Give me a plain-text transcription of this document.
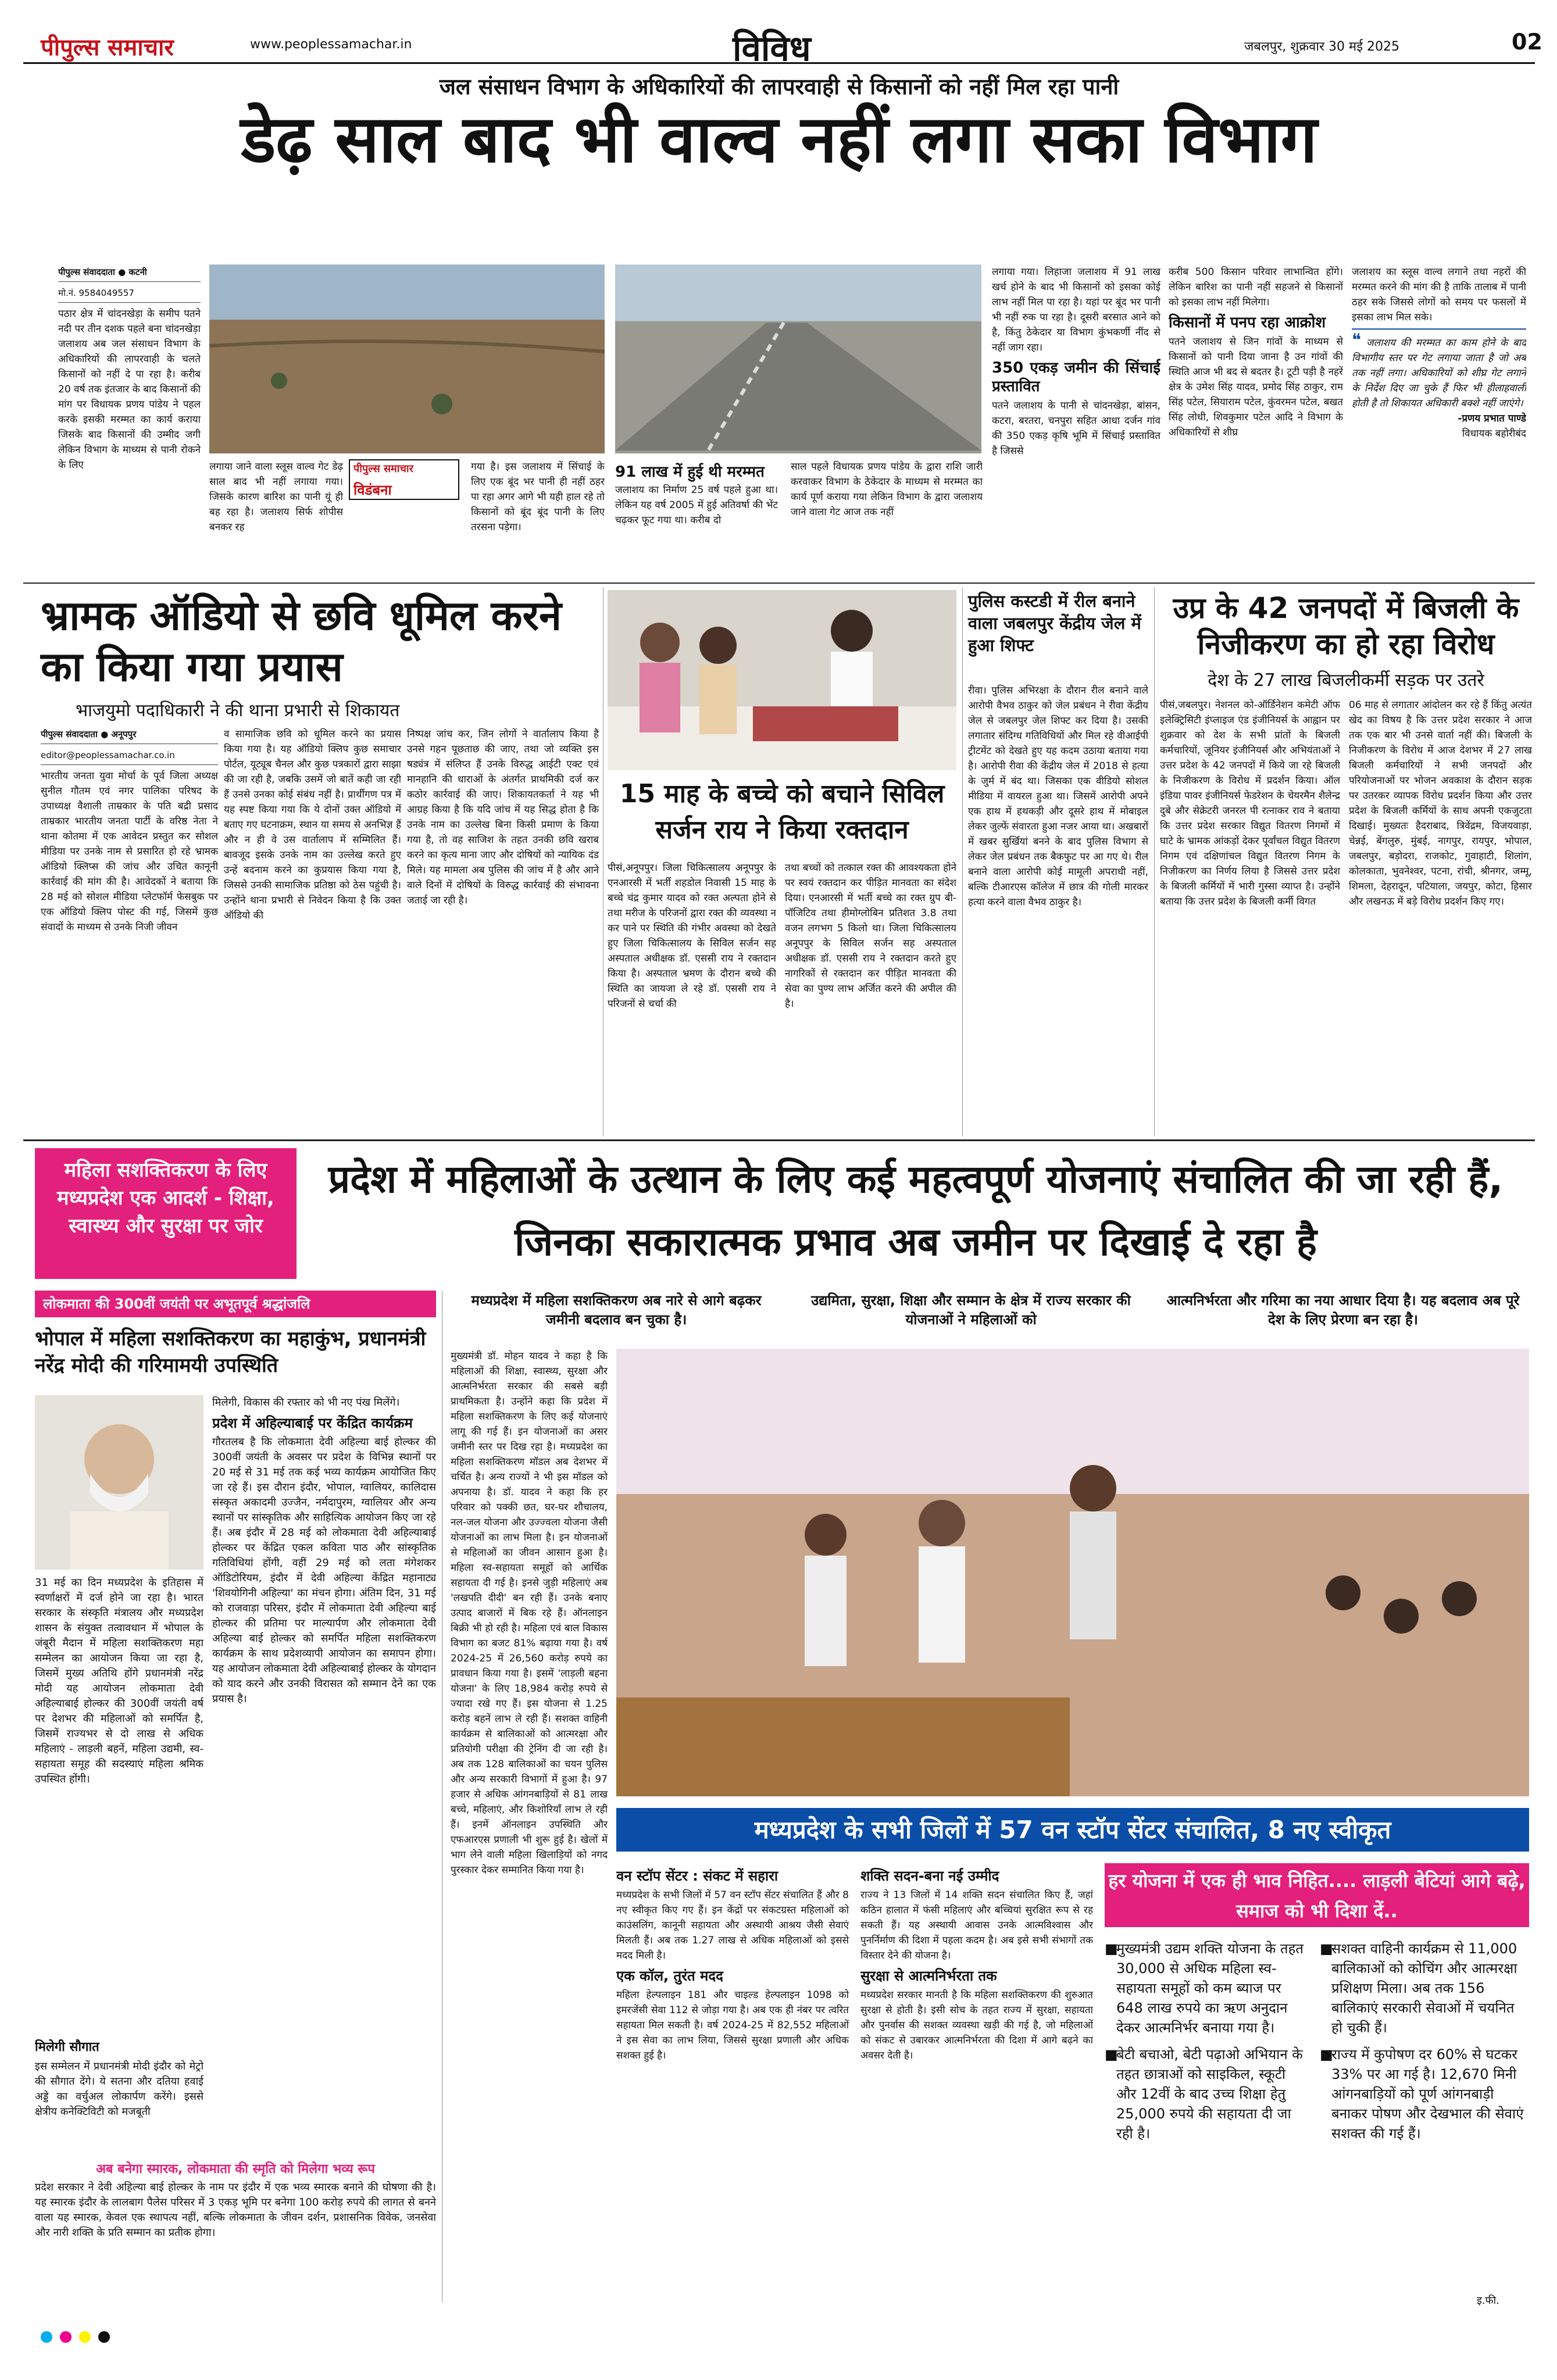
पीपुल्स समाचार	www.peoplessamachar.in	विविध	जबलपुर, शुक्रवार 30 मई 2025	02
जल संसाधन विभाग के अधिकारियों की लापरवाही से किसानों को नहीं मिल रहा पानी
डेढ़ साल बाद भी वाल्व नहीं लगा सका विभाग
पीपुल्स संवाददाता ● कटनी
मो.नं. 9584049557

पठार क्षेत्र में चांदनखेड़ा के समीप पतने नदी पर तीन दशक पहले बना चांदनखेड़ा जलाशय अब जल संसाधन विभाग के अधिकारियों की लापरवाही के चलते किसानों को नहीं दे पा रहा है। करीब 20 वर्ष तक इंतजार के बाद किसानों की मांग पर विधायक प्रणय पांडेय ने पहल करके इसकी मरम्मत का कार्य कराया जिसके बाद किसानों की उम्मीद जगी लेकिन विभाग के माध्यम से पानी रोकने के लिए	लगाया जाने वाला स्लूस वाल्व गेट डेढ़ साल बाद भी नहीं लगाया गया। जिसके कारण बारिश का पानी यूं ही बह रहा है। जलाशय सिर्फ शोपीस बनकर रह
पीपुल्स समाचार
विडंबना
गया है। इस जलाशय में सिंचाई के लिए एक बूंद भर पानी ही नहीं ठहर पा रहा अगर आगे भी यही हाल रहे तो किसानों को बूंद बूंद पानी के लिए तरसना पड़ेगा।
91 लाख में हुई थी मरम्मत
जलाशय का निर्माण 25 वर्ष पहले हुआ था। लेकिन यह वर्ष 2005 में हुई अतिवर्षा की भेंट चढ़कर फूट गया था। करीब दो
साल पहले विधायक प्रणय पांडेय के द्वारा राशि जारी करवाकर विभाग के ठेकेदार के माध्यम से मरम्मत का कार्य पूर्ण कराया गया लेकिन विभाग के द्वारा जलाशय जाने वाला गेट आज तक नहीं

लगाया गया। लिहाजा जलाशय में 91 लाख खर्च होने के बाद भी किसानों को इसका कोई लाभ नहीं मिल पा रहा है। यहां पर बूंद भर पानी भी नहीं रुक पा रहा है। दूसरी बरसात आने को है, किंतु ठेकेदार या विभाग कुंभकर्णी नींद से नहीं जाग रहा।

350 एकड़ जमीन की सिंचाई प्रस्तावित

पतने जलाशय के पानी से चांदनखेड़ा, बांसन, कटरा, बरतरा, चनपुरा सहित आधा दर्जन गांव की 350 एकड़ कृषि भूमि में सिंचाई प्रस्तावित है जिससे

करीब 500 किसान परिवार लाभान्वित होंगे। लेकिन बारिश का पानी नहीं सहजने से किसानों को इसका लाभ नहीं मिलेगा।

किसानों में पनप रहा आक्रोश

पतने जलाशय से जिन गांवों के माध्यम से किसानों को पानी दिया जाना है उन गांवों की स्थिति आज भी बद से बदतर है। टूटी पड़ी है नहरें क्षेत्र के उमेश सिंह यादव, प्रमोद सिंह ठाकुर, राम सिंह पटेल, सियाराम पटेल, कुंवरमन पटेल, बखत सिंह लोधी, शिवकुमार पटेल आदि ने विभाग के अधिकारियों से शीघ्र

जलाशय का स्लूस वाल्व लगाने तथा नहरों की मरम्मत करने की मांग की है ताकि तालाब में पानी ठहर सके जिससे लोगों को समय पर फसलों में इसका लाभ मिल सके।

❝ जलाशय की मरम्मत का काम होने के बाद विभागीय स्तर पर गेट लगाया जाता है जो अब तक नहीं लगा। अधिकारियों को शीघ्र गेट लगाने के निर्देश दिए जा चुके हैं फिर भी हीलाहवाली होती है तो शिकायत अधिकारी बक्शे नहीं जाएंगे।
-प्रणय प्रभात पाण्डे
विधायक बहोरीबंद
भ्रामक ऑडियो से छवि धूमिल करने का किया गया प्रयास
भाजयुमो पदाधिकारी ने की थाना प्रभारी से शिकायत
पीपुल्स संवाददाता ● अनूपपुर
editor@peoplessamachar.co.in

भारतीय जनता युवा मोर्चा के पूर्व जिला अध्यक्ष सुनील गौतम एवं नगर पालिका परिषद के उपाध्यक्ष वैशाली ताम्रकार के पति बद्री प्रसाद ताम्रकार भारतीय जनता पार्टी के वरिष्ठ नेता ने थाना कोतमा में एक आवेदन प्रस्तुत कर सोशल मीडिया पर उनके नाम से प्रसारित हो रहे भ्रामक ऑडियो क्लिप्स की जांच और उचित कानूनी कार्रवाई की मांग की है। आवेदकों ने बताया कि 28 मई को सोशल मीडिया प्लेटफॉर्म फेसबुक पर एक ऑडियो क्लिप पोस्ट की गई, जिसमें कुछ संवादों के माध्यम से उनके निजी जीवन

व सामाजिक छवि को धूमिल करने का प्रयास किया गया है। यह ऑडियो क्लिप कुछ समाचार पोर्टल, यूट्यूब चैनल और कुछ पत्रकारों द्वारा साझा की जा रही है, जबकि उसमें जो बातें कही जा रही हैं उनसे उनका कोई संबंध नहीं है। प्रार्थीगण पत्र में यह स्पष्ट किया गया कि ये दोनों उक्त ऑडियो में बताए गए घटनाक्रम, स्थान या समय से अनभिज्ञ हैं और न ही वे उस वार्तालाप में सम्मिलित हैं। बावजूद इसके उनके नाम का उल्लेख करते हुए उन्हें बदनाम करने का कुप्रयास किया गया है, जिससे उनकी सामाजिक प्रतिष्ठा को ठेस पहुंची है। उन्होंने थाना प्रभारी से निवेदन किया है कि उक्त ऑडियो की
निष्पक्ष जांच कर, जिन लोगों ने वार्तालाप किया है उनसे गहन पूछताछ की जाए, तथा जो व्यक्ति इस षड्यंत्र में संलिप्त हैं उनके विरुद्ध आईटी एक्ट एवं मानहानि की धाराओं के अंतर्गत प्राथमिकी दर्ज कर कठोर कार्रवाई की जाए। शिकायतकर्ता ने यह भी आग्रह किया है कि यदि जांच में यह सिद्ध होता है कि उनके नाम का उल्लेख बिना किसी प्रमाण के किया गया है, तो वह साजिश के तहत उनकी छवि खराब करने का कृत्य माना जाए और दोषियों को न्यायिक दंड मिले। यह मामला अब पुलिस की जांच में है और आने वाले दिनों में दोषियों के विरुद्ध कार्रवाई की संभावना जताई जा रही है।
15 माह के बच्चे को बचाने सिविल सर्जन राय ने किया रक्तदान
पीसं,अनूपपुर। जिला चिकित्सालय अनूपपुर के एनआरसी में भर्ती शहडोल निवासी 15 माह के बच्चे चंद्र कुमार यादव को रक्त अल्पता होने से तथा मरीज के परिजनों द्वारा रक्त की व्यवस्था न कर पाने पर स्थिति की गंभीर अवस्था को देखते हुए जिला चिकित्सालय के सिविल सर्जन सह अस्पताल अधीक्षक डॉ. एससी राय ने रक्तदान किया है। अस्पताल भ्रमण के दौरान बच्चे की स्थिति का जायजा ले रहे डॉ. एससी राय ने परिजनों से चर्चा की
तथा बच्चों को तत्काल रक्त की आवश्यकता होने पर स्वयं रक्तदान कर पीड़ित मानवता का संदेश दिया। एनआरसी में भर्ती बच्चे का रक्त ग्रुप बी- पॉजिटिव तथा हीमोग्लोबिन प्रतिशत 3.8 तथा वजन लगभग 5 किलो था। जिला चिकित्सालय अनूपपुर के सिविल सर्जन सह अस्पताल अधीक्षक डॉ. एससी राय ने रक्तदान करते हुए नागरिकों से रक्तदान कर पीड़ित मानवता की सेवा का पुण्य लाभ अर्जित करने की अपील की है।
पुलिस कस्टडी में रील बनाने वाला जबलपुर केंद्रीय जेल में हुआ शिफ्ट
रीवा। पुलिस अभिरक्षा के दौरान रील बनाने वाले आरोपी वैभव ठाकुर को जेल प्रबंधन ने रीवा केंद्रीय जेल से जबलपुर जेल शिफ्ट कर दिया है। उसकी लगातार संदिग्ध गतिविधियों और मिल रहे वीआईपी ट्रीटमेंट को देखते हुए यह कदम उठाया बताया गया है। आरोपी रीवा की केंद्रीय जेल में 2018 से हत्या के जुर्म में बंद था। जिसका एक वीडियो सोशल मीडिया में वायरल हुआ था। जिसमें आरोपी अपने एक हाथ में हथकड़ी और दूसरे हाथ में मोबाइल लेकर जुल्फें संवारता हुआ नजर आया था। अखबारों में खबर सुर्खियां बनने के बाद पुलिस विभाग से लेकर जेल प्रबंधन तक बैकफुट पर आ गए थे। रील बनाने वाला आरोपी कोई मामूली अपराधी नहीं, बल्कि टीआरएस कॉलेज में छात्र की गोली मारकर हत्या करने वाला वैभव ठाकुर है।
उप्र के 42 जनपदों में बिजली के निजीकरण का हो रहा विरोध
देश के 27 लाख बिजलीकर्मी सड़क पर उतरे
पीसं,जबलपुर। नेशनल को-ऑर्डिनेशन कमेटी ऑफ इलेक्ट्रिसिटी इंप्लाइज एंड इंजीनियर्स के आह्वान पर शुक्रवार को देश के सभी प्रांतों के बिजली कर्मचारियों, जूनियर इंजीनियर्स और अभियंताओं ने उत्तर प्रदेश के 42 जनपदों में किये जा रहे बिजली के निजीकरण के विरोध में प्रदर्शन किया। ऑल इंडिया पावर इंजीनियर्स फेडरेशन के चेयरमैन शैलेन्द्र दुबे और सेक्रेटरी जनरल पी रत्नाकर राव ने बताया कि उत्तर प्रदेश सरकार विद्युत वितरण निगमों में घाटे के भ्रामक आंकड़ों देकर पूर्वांचल विद्युत वितरण निगम एवं दक्षिणांचल विद्युत वितरण निगम के निजीकरण का निर्णय लिया है जिससे उत्तर प्रदेश के बिजली कर्मियों में भारी गुस्सा व्याप्त है। उन्होंने बताया कि उत्तर प्रदेश के बिजली कर्मी विगत
06 माह से लगातार आंदोलन कर रहे हैं किंतु अत्यंत खेद का विषय है कि उत्तर प्रदेश सरकार ने आज तक एक बार भी उनसे वार्ता नहीं की। बिजली के निजीकरण के विरोध में आज देशभर में 27 लाख बिजली कर्मचारियों ने सभी जनपदों और परियोजनाओं पर भोजन अवकाश के दौरान सड़क पर उतरकर व्यापक विरोध प्रदर्शन किया और उत्तर प्रदेश के बिजली कर्मियों के साथ अपनी एकजुटता दिखाई। मुख्यतः हैदराबाद, त्रिवेंद्रम, विजयवाड़ा, चेन्नई, बेंगलुरु, मुंबई, नागपुर, रायपुर, भोपाल, जबलपुर, बड़ोदरा, राजकोट, गुवाहाटी, शिलांग, कोलकाता, भुवनेश्वर, पटना, रांची, श्रीनगर, जम्मू, शिमला, देहरादून, पटियाला, जयपुर, कोटा, हिसार और लखनऊ में बड़े विरोध प्रदर्शन किए गए।
महिला सशक्तिकरण के लिए मध्यप्रदेश एक आदर्श - शिक्षा, स्वास्थ्य और सुरक्षा पर जोर
प्रदेश में महिलाओं के उत्थान के लिए कई महत्वपूर्ण योजनाएं संचालित की जा रही हैं, जिनका सकारात्मक प्रभाव अब जमीन पर दिखाई दे रहा है
मध्यप्रदेश में महिला सशक्तिकरण अब नारे से आगे बढ़कर जमीनी बदलाव बन चुका है।
उद्यमिता, सुरक्षा, शिक्षा और सम्मान के क्षेत्र में राज्य सरकार की योजनाओं ने महिलाओं को
आत्मनिर्भरता और गरिमा का नया आधार दिया है। यह बदलाव अब पूरे देश के लिए प्रेरणा बन रहा है।
लोकमाता की 300वीं जयंती पर अभूतपूर्व श्रद्धांजलि
भोपाल में महिला सशक्तिकरण का महाकुंभ, प्रधानमंत्री नरेंद्र मोदी की गरिमामयी उपस्थिति
31 मई का दिन मध्यप्रदेश के इतिहास में स्वर्णाक्षरों में दर्ज होने जा रहा है। भारत सरकार के संस्कृति मंत्रालय और मध्यप्रदेश शासन के संयुक्त तत्वावधान में भोपाल के जंबूरी मैदान में महिला सशक्तिकरण महा सम्मेलन का आयोजन किया जा रहा है, जिसमें मुख्य अतिथि होंगे प्रधानमंत्री नरेंद्र मोदी यह आयोजन लोकमाता देवी अहिल्याबाई होल्कर की 300वीं जयंती वर्ष पर देशभर की महिलाओं को समर्पित है, जिसमें राज्यभर से दो लाख से अधिक महिलाएं - लाड़ली बहनें, महिला उद्यमी, स्व-सहायता समूह की सदस्याएं महिला श्रमिक उपस्थित होंगी।
मिलेगी सौगात

इस सम्मेलन में प्रधानमंत्री मोदी इंदौर को मेट्रो की सौगात देंगे। ये सतना और दतिया हवाई अड्डे का वर्चुअल लोकार्पण करेंगे। इससे क्षेत्रीय कनेक्टिविटी को मजबूती

मिलेगी, विकास की रफ्तार को भी नए पंख मिलेंगे।

प्रदेश में अहिल्याबाई पर केंद्रित कार्यक्रम

गौरतलब है कि लोकमाता देवी अहिल्या बाई होल्कर की 300वीं जयंती के अवसर पर प्रदेश के विभिन्न स्थानों पर 20 मई से 31 मई तक कई भव्य कार्यक्रम आयोजित किए जा रहे हैं। इस दौरान इंदौर, भोपाल, ग्वालियर, कालिदास संस्कृत अकादमी उज्जैन, नर्मदापुरम, ग्वालियर और अन्य स्थानों पर सांस्कृतिक और साहित्यिक आयोजन किए जा रहे हैं। अब इंदौर में 28 मई को लोकमाता देवी अहिल्याबाई होल्कर पर केंद्रित एकल कविता पाठ और सांस्कृतिक गतिविधियां होंगी, वहीं 29 मई को लता मंगेशकर ऑडिटोरियम, इंदौर में देवी अहिल्या केंद्रित महानाट्य 'शिवयोगिनी अहिल्या' का मंचन होगा। अंतिम दिन, 31 मई को राजवाड़ा परिसर, इंदौर में लोकमाता देवी अहिल्या बाई होल्कर की प्रतिमा पर माल्यार्पण और लोकमाता देवी अहिल्या बाई होल्कर को समर्पित महिला सशक्तिकरण कार्यक्रम के साथ प्रदेशव्यापी आयोजन का समापन होगा। यह आयोजन लोकमाता देवी अहिल्याबाई होल्कर के योगदान को याद करने और उनकी विरासत को सम्मान देने का एक प्रयास है।

अब बनेगा स्मारक, लोकमाता की स्मृति को मिलेगा भव्य रूप
प्रदेश सरकार ने देवी अहिल्या बाई होल्कर के नाम पर इंदौर में एक भव्य स्मारक बनाने की घोषणा की है। यह स्मारक इंदौर के लालबाग पैलेस परिसर में 3 एकड़ भूमि पर बनेगा 100 करोड़ रुपये की लागत से बनने वाला यह स्मारक, केवल एक स्थापत्य नहीं, बल्कि लोकमाता के जीवन दर्शन, प्रशासनिक विवेक, जनसेवा और नारी शक्ति के प्रति सम्मान का प्रतीक होगा।
मुख्यमंत्री डॉ. मोहन यादव ने कहा है कि महिलाओं की शिक्षा, स्वास्थ्य, सुरक्षा और आत्मनिर्भरता सरकार की सबसे बड़ी प्राथमिकता है। उन्होंने कहा कि प्रदेश में महिला सशक्तिकरण के लिए कई योजनाएं लागू की गई हैं। इन योजनाओं का असर जमीनी स्तर पर दिख रहा है। मध्यप्रदेश का महिला सशक्तिकरण मॉडल अब देशभर में चर्चित है। अन्य राज्यों ने भी इस मॉडल को अपनाया है। डॉ. यादव ने कहा कि हर परिवार को पक्की छत, घर-घर शौचालय, नल-जल योजना और उज्ज्वला योजना जैसी योजनाओं का लाभ मिला है। इन योजनाओं से महिलाओं का जीवन आसान हुआ है। महिला स्व-सहायता समूहों को आर्थिक सहायता दी गई है। इनसे जुड़ी महिलाएं अब 'लखपति दीदी' बन रही हैं। उनके बनाए उत्पाद बाजारों में बिक रहे हैं। ऑनलाइन बिक्री भी हो रही है। महिला एवं बाल विकास विभाग का बजट 81% बढ़ाया गया है। वर्ष 2024-25 में 26,560 करोड़ रुपये का प्रावधान किया गया है। इसमें 'लाड़ली बहना योजना' के लिए 18,984 करोड़ रुपये से ज्यादा रखे गए हैं। इस योजना से 1.25 करोड़ बहनें लाभ ले रही हैं। सशक्त वाहिनी कार्यक्रम से बालिकाओं को आत्मरक्षा और प्रतियोगी परीक्षा की ट्रेनिंग दी जा रही है। अब तक 128 बालिकाओं का चयन पुलिस और अन्य सरकारी विभागों में हुआ है। 97 हजार से अधिक आंगनबाड़ियों से 81 लाख बच्चे, महिलाएं, और किशोरियाँ लाभ ले रही हैं। इनमें ऑनलाइन उपस्थिति और एफआरएस प्रणाली भी शुरू हुई है। खेलों में भाग लेने वाली महिला खिलाड़ियों को नगद पुरस्कार देकर सम्मानित किया गया है।
मध्यप्रदेश के सभी जिलों में 57 वन स्टॉप सेंटर संचालित, 8 नए स्वीकृत
वन स्टॉप सेंटर : संकट में सहारा

मध्यप्रदेश के सभी जिलों में 57 वन स्टॉप सेंटर संचालित हैं और 8 नए स्वीकृत किए गए हैं। इन केंद्रों पर संकटग्रस्त महिलाओं को काउंसलिंग, कानूनी सहायता और अस्थायी आश्रय जैसी सेवाएं मिलती हैं। अब तक 1.27 लाख से अधिक महिलाओं को इससे मदद मिली है।

एक कॉल, तुरंत मदद

महिला हेल्पलाइन 181 और चाइल्ड हेल्पलाइन 1098 को इमरजेंसी सेवा 112 से जोड़ा गया है। अब एक ही नंबर पर त्वरित सहायता मिल सकती है। वर्ष 2024-25 में 82,552 महिलाओं ने इस सेवा का लाभ लिया, जिससे सुरक्षा प्रणाली और अधिक सशक्त हुई है।

शक्ति सदन-बना नई उम्मीद

राज्य ने 13 जिलों में 14 शक्ति सदन संचालित किए हैं, जहां कठिन हालात में फंसी महिलाएं और बच्चियां सुरक्षित रूप से रह सकती हैं। यह अस्थायी आवास उनके आत्मविश्वास और पुनर्निर्माण की दिशा में पहला कदम है। अब इसे सभी संभागों तक विस्तार देने की योजना है।

सुरक्षा से आत्मनिर्भरता तक

मध्यप्रदेश सरकार मानती है कि महिला सशक्तिकरण की शुरुआत सुरक्षा से होती है। इसी सोच के तहत राज्य में सुरक्षा, सहायता और पुनर्वास की सशक्त व्यवस्था खड़ी की गई है, जो महिलाओं को संकट से उबारकर आत्मनिर्भरता की दिशा में आगे बढ़ने का अवसर देती है।

हर योजना में एक ही भाव निहित.... लाड़ली बेटियां आगे बढ़े, समाज को भी दिशा दें..
■
मुख्यमंत्री उद्यम शक्ति योजना के तहत 30,000 से अधिक महिला स्व-सहायता समूहों को कम ब्याज पर 648 लाख रुपये का ऋण अनुदान देकर आत्मनिर्भर बनाया गया है।
■
बेटी बचाओ, बेटी पढ़ाओ अभियान के तहत छात्राओं को साइकिल, स्कूटी और 12वीं के बाद उच्च शिक्षा हेतु 25,000 रुपये की सहायता दी जा रही है।
■
सशक्त वाहिनी कार्यक्रम से 11,000 बालिकाओं को कोचिंग और आत्मरक्षा प्रशिक्षण मिला। अब तक 156 बालिकाएं सरकारी सेवाओं में चयनित हो चुकी हैं।
■
राज्य में कुपोषण दर 60% से घटकर 33% पर आ गई है। 12,670 मिनी आंगनबाड़ियों को पूर्ण आंगनबाड़ी बनाकर पोषण और देखभाल की सेवाएं सशक्त की गई हैं।
इ.फी.
